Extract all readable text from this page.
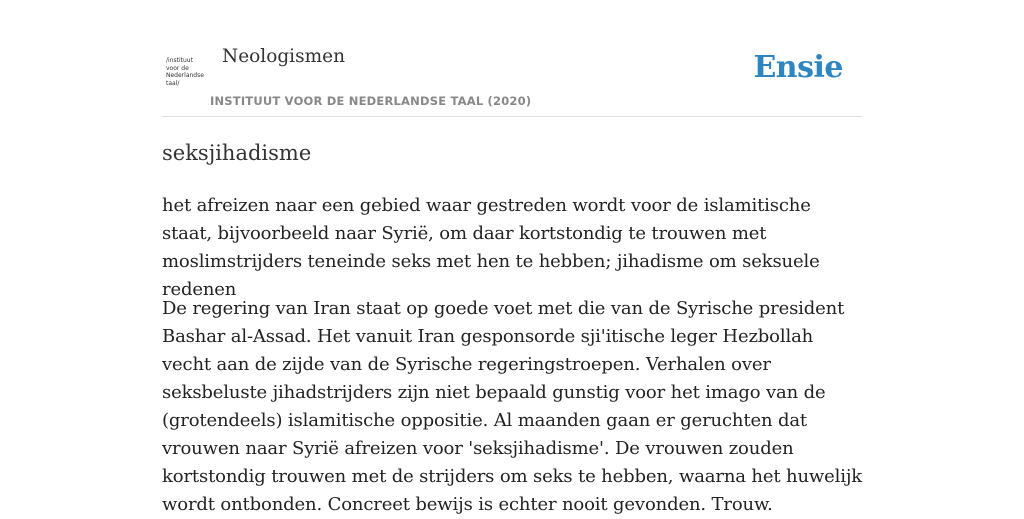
/instituut
voor de
Nederlandse
taal/
Neologismen
INSTITUUT VOOR DE NEDERLANDSE TAAL (2020)
Ensie
seksjihadisme

het afreizen naar een gebied waar gestreden wordt voor de islamitische staat, bijvoorbeeld naar Syrië, om daar kortstondig te trouwen met moslimstrijders teneinde seks met hen te hebben; jihadisme om seksuele redenen

De regering van Iran staat op goede voet met die van de Syrische president Bashar al-Assad. Het vanuit Iran gesponsorde sji'itische leger Hezbollah vecht aan de zijde van de Syrische regeringstroepen. Verhalen over seksbeluste jihadstrijders zijn niet bepaald gunstig voor het imago van de (grotendeels) islamitische oppositie. Al maanden gaan er geruchten dat vrouwen naar Syrië afreizen voor 'seksjihadisme'. De vrouwen zouden kortstondig trouwen met de strijders om seks te hebben, waarna het huwelijk wordt ontbonden. Concreet bewijs is echter nooit gevonden. Trouw.
